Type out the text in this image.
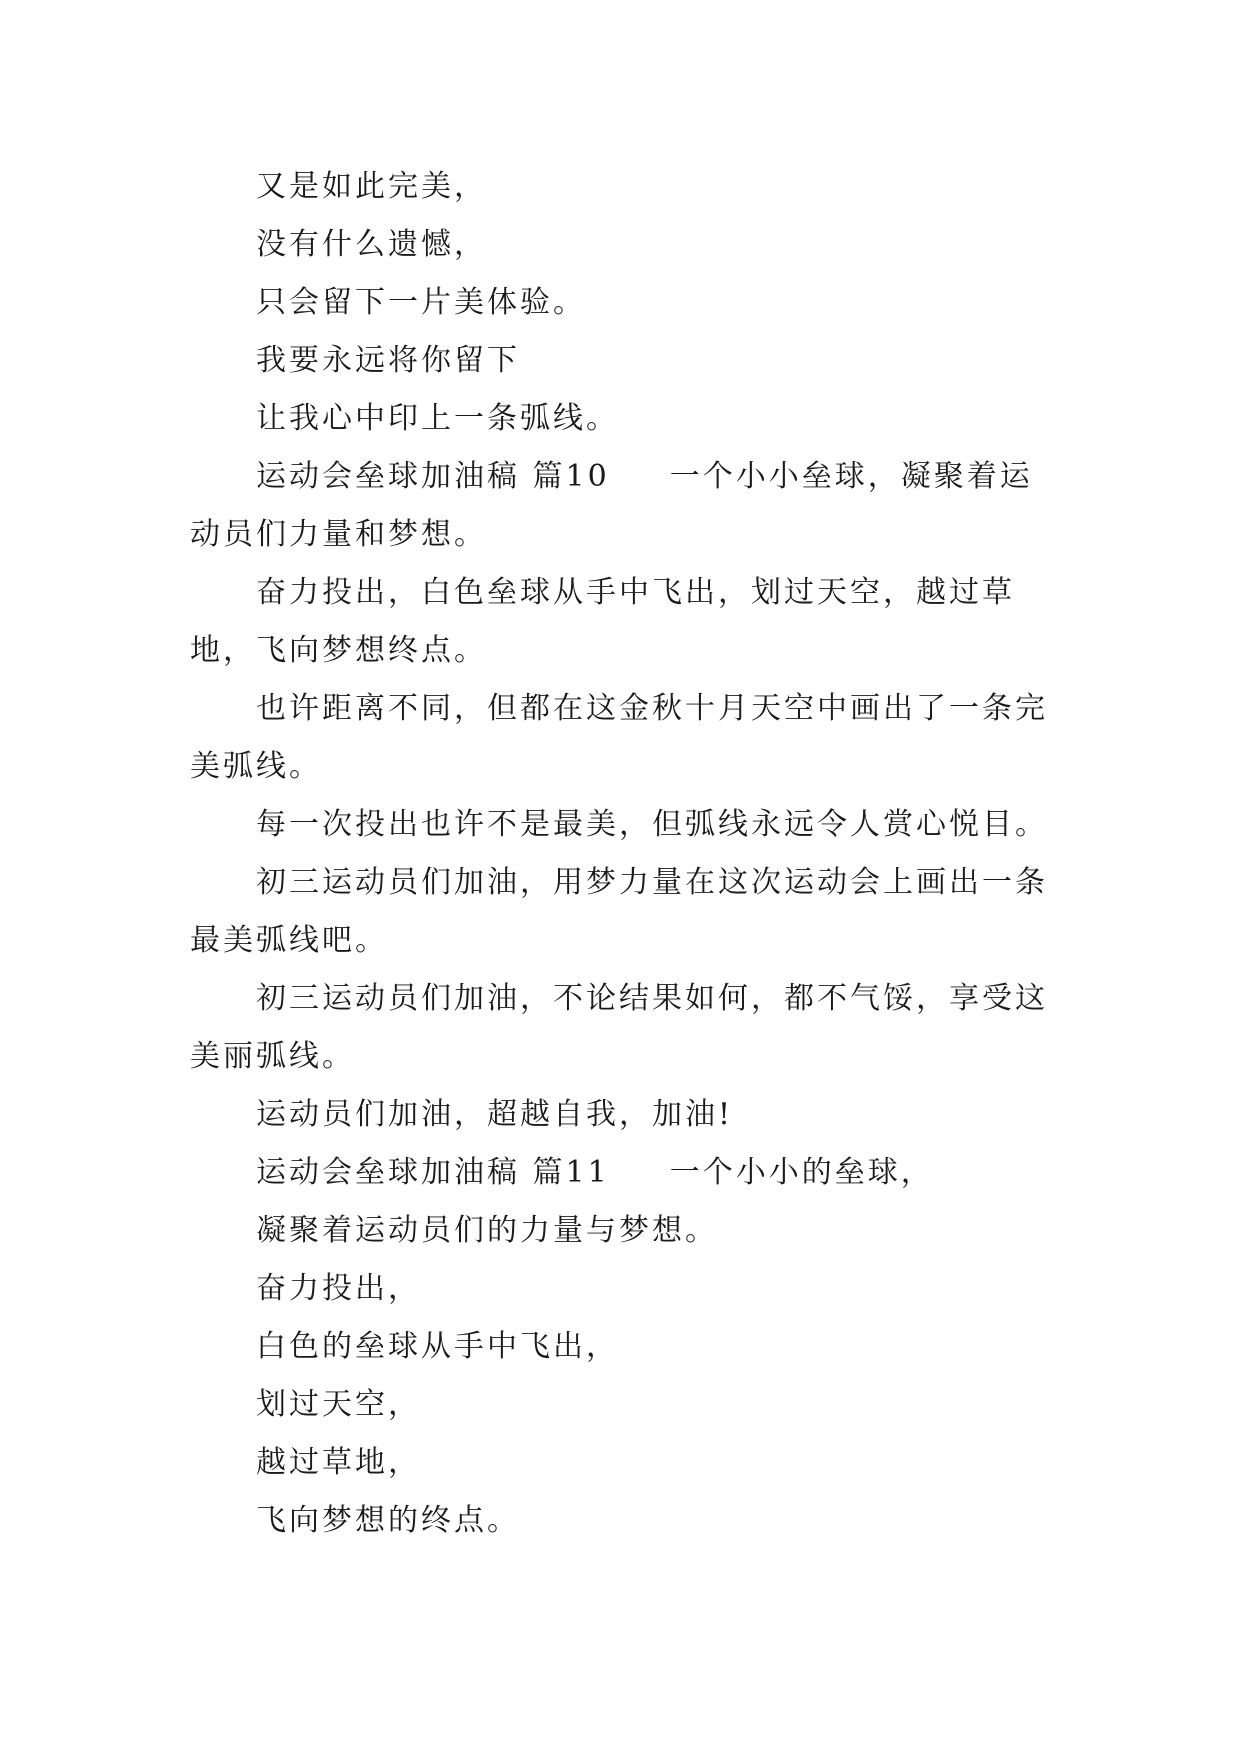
又是如此完美，

没有什么遗憾，

只会留下一片美体验。

我要永远将你留下

让我心中印上一条弧线。

运动会垒球加油稿 篇10 一个小小垒球，凝聚着运动员们力量和梦想。

奋力投出，白色垒球从手中飞出，划过天空，越过草地，飞向梦想终点。

也许距离不同，但都在这金秋十月天空中画出了一条完美弧线。

每一次投出也许不是最美，但弧线永远令人赏心悦目。

初三运动员们加油，用梦力量在这次运动会上画出一条最美弧线吧。

初三运动员们加油，不论结果如何，都不气馁，享受这美丽弧线。

运动员们加油，超越自我，加油!

运动会垒球加油稿 篇11 一个小小的垒球，

凝聚着运动员们的力量与梦想。

奋力投出，

白色的垒球从手中飞出，

划过天空，

越过草地，

飞向梦想的终点。
